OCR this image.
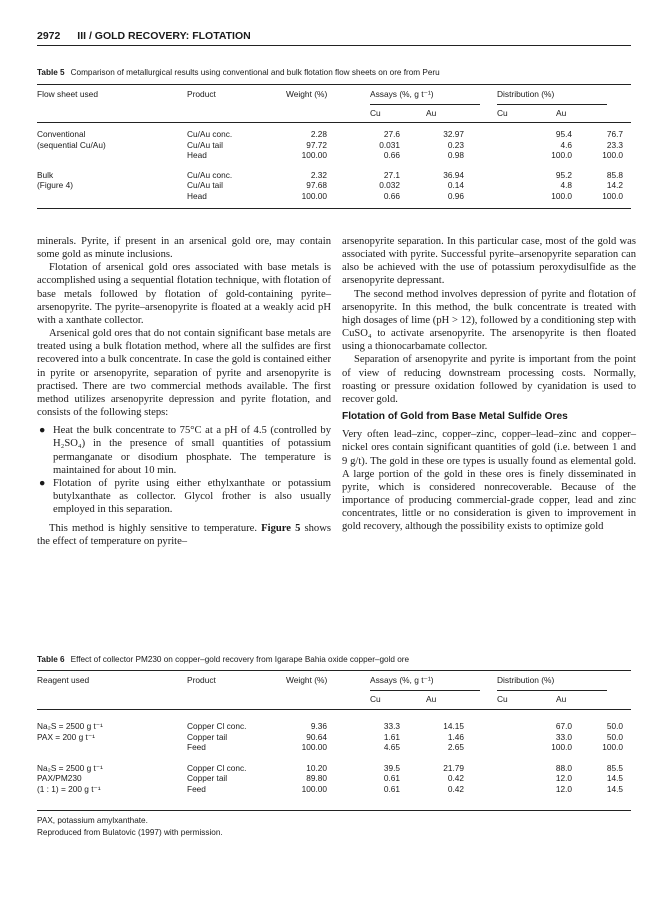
2972 III / GOLD RECOVERY: FLOTATION
Table 5 Comparison of metallurgical results using conventional and bulk flotation flow sheets on ore from Peru
Flow sheet used	Product	Weight (%)	Assays (%, g t⁻¹)	Distribution (%)
Cu	Au	Cu	Au
Conventional	Cu/Au conc.	2.28		27.6	32.97		95.4	76.7
(sequential Cu/Au)	Cu/Au tail	97.72		0.031	0.23		4.6	23.3
	Head	100.00		0.66	0.98		100.0	100.0

Bulk	Cu/Au conc.	2.32		27.1	36.94		95.2	85.8
(Figure 4)	Cu/Au tail	97.68		0.032	0.14		4.8	14.2
	Head	100.00		0.66	0.96		100.0	100.0

minerals. Pyrite, if present in an arsenical gold ore, may contain some gold as minute inclusions.

Flotation of arsenical gold ores associated with base metals is accomplished using a sequential flotation technique, with flotation of base metals followed by flotation of gold-containing pyrite–arsenopyrite. The pyrite–arsenopyrite is floated at a weakly acid pH with a xanthate collector.

Arsenical gold ores that do not contain significant base metals are treated using a bulk flotation method, where all the sulfides are first recovered into a bulk concentrate. In case the gold is contained either in pyrite or arsenopyrite, separation of pyrite and arsenopyrite is practised. There are two commercial methods available. The first method utilizes arsenopyrite depression and pyrite flotation, and consists of the following steps:

● Heat the bulk concentrate to 75°C at a pH of 4.5 (controlled by H₂SO₄) in the presence of small quantities of potassium permanganate or disodium phosphate. The temperature is maintained for about 10 min.
● Flotation of pyrite using either ethylxanthate or potassium butylxanthate as collector. Glycol frother is also usually employed in this separation.

This method is highly sensitive to temperature. Figure 5 shows the effect of temperature on pyrite–

arsenopyrite separation. In this particular case, most of the gold was associated with pyrite. Successful pyrite–arsenopyrite separation can also be achieved with the use of potassium peroxydisulfide as the arsenopyrite depressant.

The second method involves depression of pyrite and flotation of arsenopyrite. In this method, the bulk concentrate is treated with high dosages of lime (pH > 12), followed by a conditioning step with CuSO₄ to activate arsenopyrite. The arsenopyrite is then floated using a thionocarbamate collector.

Separation of arsenopyrite and pyrite is important from the point of view of reducing downstream processing costs. Normally, roasting or pressure oxidation followed by cyanidation is used to recover gold.

Flotation of Gold from Base Metal Sulfide Ores

Very often lead–zinc, copper–zinc, copper–lead–zinc and copper–nickel ores contain significant quantities of gold (i.e. between 1 and 9 g/t). The gold in these ore types is usually found as elemental gold. A large portion of the gold in these ores is finely disseminated in pyrite, which is considered nonrecoverable. Because of the importance of producing commercial-grade copper, lead and zinc concentrates, little or no consideration is given to improvement in gold recovery, although the possibility exists to optimize gold

Table 6 Effect of collector PM230 on copper–gold recovery from Igarape Bahia oxide copper–gold ore
Reagent used	Product	Weight (%)	Assays (%, g t⁻¹)	Distribution (%)
Cu	Au	Cu	Au
Na₂S = 2500 g t⁻¹	Copper Cl conc.	9.36		33.3	14.15		67.0	50.0
PAX = 200 g t⁻¹	Copper tail	90.64		1.61	1.46		33.0	50.0
	Feed	100.00		4.65	2.65		100.0	100.0

Na₂S = 2500 g t⁻¹	Copper Cl conc.	10.20		39.5	21.79		88.0	85.5
PAX/PM230	Copper tail	89.80		0.61	0.42		12.0	14.5
(1 : 1) = 200 g t⁻¹	Feed	100.00		0.61	0.42		12.0	14.5
PAX, potassium amylxanthate.
Reproduced from Bulatovic (1997) with permission.
